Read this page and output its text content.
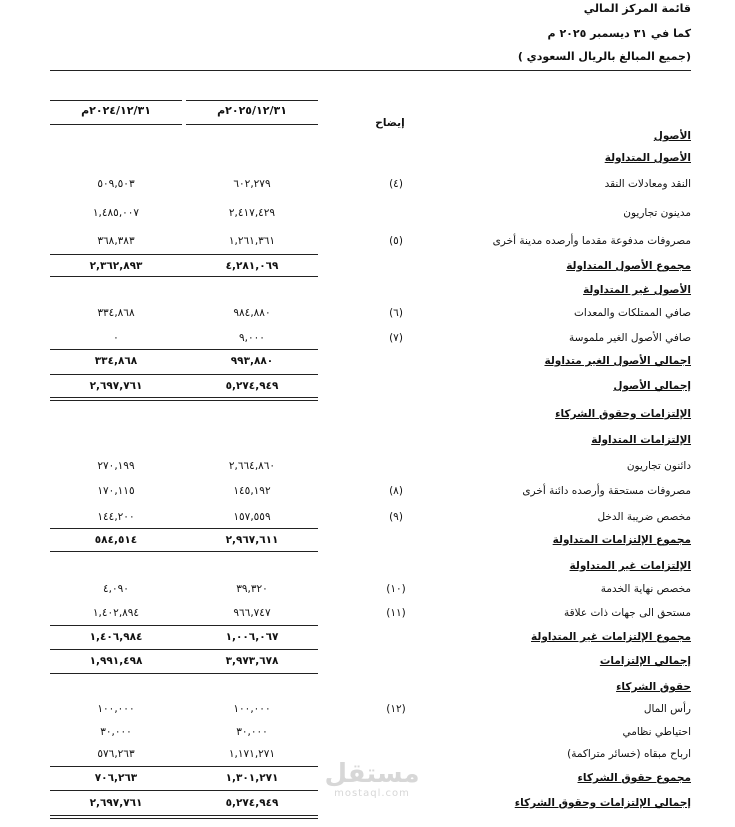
قائمة المركز المالي
كما في ٣١ ديسمبر ٢٠٢٥ م
(جميع المبالغ بالريال السعودي )
٢٠٢٥/١٢/٣١م
٢٠٢٤/١٢/٣١م
إيضاح
الأصول
الأصول المتداولة
النقد ومعادلات النقد
(٤)
٦٠٢,٢٧٩
٥٠٩,٥٠٣
مدينون تجاريون
٢,٤١٧,٤٢٩
١,٤٨٥,٠٠٧
مصروفات مدفوعة مقدما وأرصده مدينة أخرى
(٥)
١,٢٦١,٣٦١
٣٦٨,٣٨٣
مجموع الأصول المتداولة
٤,٢٨١,٠٦٩
٢,٣٦٢,٨٩٣
الأصول غير المتداولة
صافي الممتلكات والمعدات
(٦)
٩٨٤,٨٨٠
٣٣٤,٨٦٨
صافي الأصول الغير ملموسة
(٧)
٩,٠٠٠
٠
اجمالي الأصول الغير متداولة
٩٩٣,٨٨٠
٣٣٤,٨٦٨
إجمالي الأصول
٥,٢٧٤,٩٤٩
٢,٦٩٧,٧٦١
الإلتزامات وحقوق الشركاء
الإلتزامات المتداولة
دائنون تجاريون
٢,٦٦٤,٨٦٠
٢٧٠,١٩٩
مصروفات مستحقة وأرصده دائنة أخرى
(٨)
١٤٥,١٩٢
١٧٠,١١٥
مخصص ضريبة الدخل
(٩)
١٥٧,٥٥٩
١٤٤,٢٠٠
مجموع الإلتزامات المتداولة
٢,٩٦٧,٦١١
٥٨٤,٥١٤
الإلتزامات غير المتداولة
مخصص نهاية الخدمة
(١٠)
٣٩,٣٢٠
٤,٠٩٠
مستحق الى جهات ذات علاقة
(١١)
٩٦٦,٧٤٧
١,٤٠٢,٨٩٤
مجموع الإلتزامات غير المتداولة
١,٠٠٦,٠٦٧
١,٤٠٦,٩٨٤
إجمالي الإلتزامات
٣,٩٧٣,٦٧٨
١,٩٩١,٤٩٨
حقوق الشركاء
رأس المال
(١٢)
١٠٠,٠٠٠
١٠٠,٠٠٠
احتياطي نظامي
٣٠,٠٠٠
٣٠,٠٠٠
ارباح مبقاه (خسائر متراكمة)
١,١٧١,٢٧١
٥٧٦,٢٦٣
مجموع حقوق الشركاء
١,٣٠١,٢٧١
٧٠٦,٢٦٣
إجمالي الإلتزامات وحقوق الشركاء
٥,٢٧٤,٩٤٩
٢,٦٩٧,٧٦١
مستقل
mostaql.com
